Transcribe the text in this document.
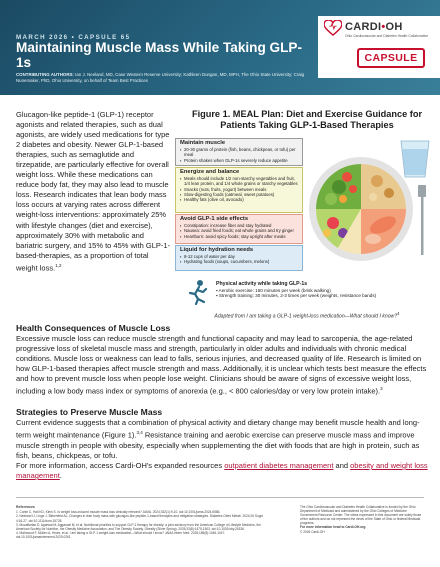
MARCH 2026 • CAPSULE 65
Maintaining Muscle Mass While Taking GLP-1s
CONTRIBUTING AUTHORS: Ian J. Neeland, MD, Case Western Reserve University; Kathleen Dungan, MD, MPH, The Ohio State University; Craig Nunemaker, PhD, Ohio University, on behalf of Team Best Practices
CARDI•OH
Ohio Cardiovascular and Diabetes Health Collaborative
CAPSULE
Glucagon-like peptide-1 (GLP-1) receptor agonists and related therapies, such as dual agonists, are widely used medications for type 2 diabetes and obesity. Newer GLP-1-based therapies, such as semaglutide and tirzepatide, are particularly effective for overall weight loss. While these medications can reduce body fat, they may also lead to muscle loss. Research indicates that lean body mass loss occurs at varying rates across different weight-loss interventions: approximately 25% with lifestyle changes (diet and exercise), approximately 30% with metabolic and bariatric surgery, and 15% to 45% with GLP-1-based-therapies, as a proportion of total weight loss.$^{1,2}$
Figure 1. MEAL Plan: Diet and Exercise Guidance for Patients Taking GLP-1-Based Therapies
Maintain muscle
▪ 20-30 grams of protein (fish, beans, chickpeas, or tofu) per meal
▪ Protein shakes when GLP-1s severely reduce appetite
Energize and balance
▪ Meals should include 1/2 non-starchy vegetables and fruit, 1/4 lean protein, and 1/4 whole grains or starchy vegetables
▪ Snacks (nuts, fruits, yogurt) between meals
▪ Slow-digesting foods (oatmeal, sweet potatoes)
▪ Healthy fats (olive oil, avocado)
Avoid GLP-1 side effects
▪ Constipation: increase fiber and stay hydrated
▪ Nausea: avoid fried foods; eat whole grains and try ginger
▪ Heartburn: avoid spicy foods; stay upright after meals
Liquid for hydration needs
▪ 8-12 cups of water per day
▪ Hydrating foods (soups, cucumbers, melons)
Physical activity while taking GLP-1s
▪ Aerobic exercise: 150 minutes per week (brisk walking)
▪ Strength training: 30 minutes, 2-3 times per week (weights, resistance bands)
Adapted from I am taking a GLP-1 weight-loss medication—What should I know?$^4$
Health Consequences of Muscle Loss
Excessive muscle loss can reduce muscle strength and functional capacity and may lead to sarcopenia, the age-related progressive loss of skeletal muscle mass and strength, particularly in older adults and individuals with chronic medical conditions. Muscle loss or weakness can lead to falls, serious injuries, and decreased quality of life. Research is limited on how GLP-1-based therapies affect muscle strength and mass. Additionally, it is unclear which tests best measure the effects and how to prevent muscle loss when people lose weight. Clinicians should be aware of signs of excessive weight loss, including a low body mass index or symptoms of anorexia (e.g., < 800 calories/day or very low protein intake).$^3$
Strategies to Preserve Muscle Mass
Current evidence suggests that a combination of physical activity and dietary change may benefit muscle health and long-term weight maintenance (Figure 1).$^{3,4}$ Resistance training and aerobic exercise can preserve muscle mass and improve muscle strength in people with obesity, especially when supplementing the diet with foods that are high in protein, such as fish, beans, chickpeas, or tofu.
For more information, access Cardi-OH's expanded resources outpatient diabetes management and obesity and weight loss management.
References
1. Conte C, Hall KD, Klein S. Is weight loss-induced muscle mass loss clinically relevant? JAMA. 2024;332(1):9-10. doi:10.1001/jama.2024.6586.
2. Neeland IJ, Linge J, Birkenfeld AL. Changes in lean body mass with glucagon-like peptide-1-based therapies and mitigation strategies. Diabetes Obes Metab. 2024;26 Suppl 4:16-27. doi:10.1111/dom.15728.
3. Mozaffarian D, Agarwal M, Aggarwal M, et al. Nutritional priorities to support GLP-1 therapy for obesity: a joint advisory from the American College of Lifestyle Medicine, the American Society for Nutrition, the Obesity Medicine Association, and The Obesity Society. Obesity (Silver Spring). 2025;33(8):1475-1503. doi:10.1002/oby.24336.
4. Mahmoud F, Mullen A, Hines, et al. I am taking a GLP-1 weight-loss medication—What should I know? JAMA Intern Med. 2025;185(8):1046-1047. doi:10.1001/jamainternmed.2025.0261.
The Ohio Cardiovascular and Diabetes Health Collaborative is funded by the Ohio Department of Medicaid and administered by the Ohio Colleges of Medicine Government Resource Center. The views expressed in this document are solely those of the authors and do not represent the views of the State of Ohio or federal Medicaid programs.
For more information head to Cardi-OH.org.
© 2026 Cardi-OH
